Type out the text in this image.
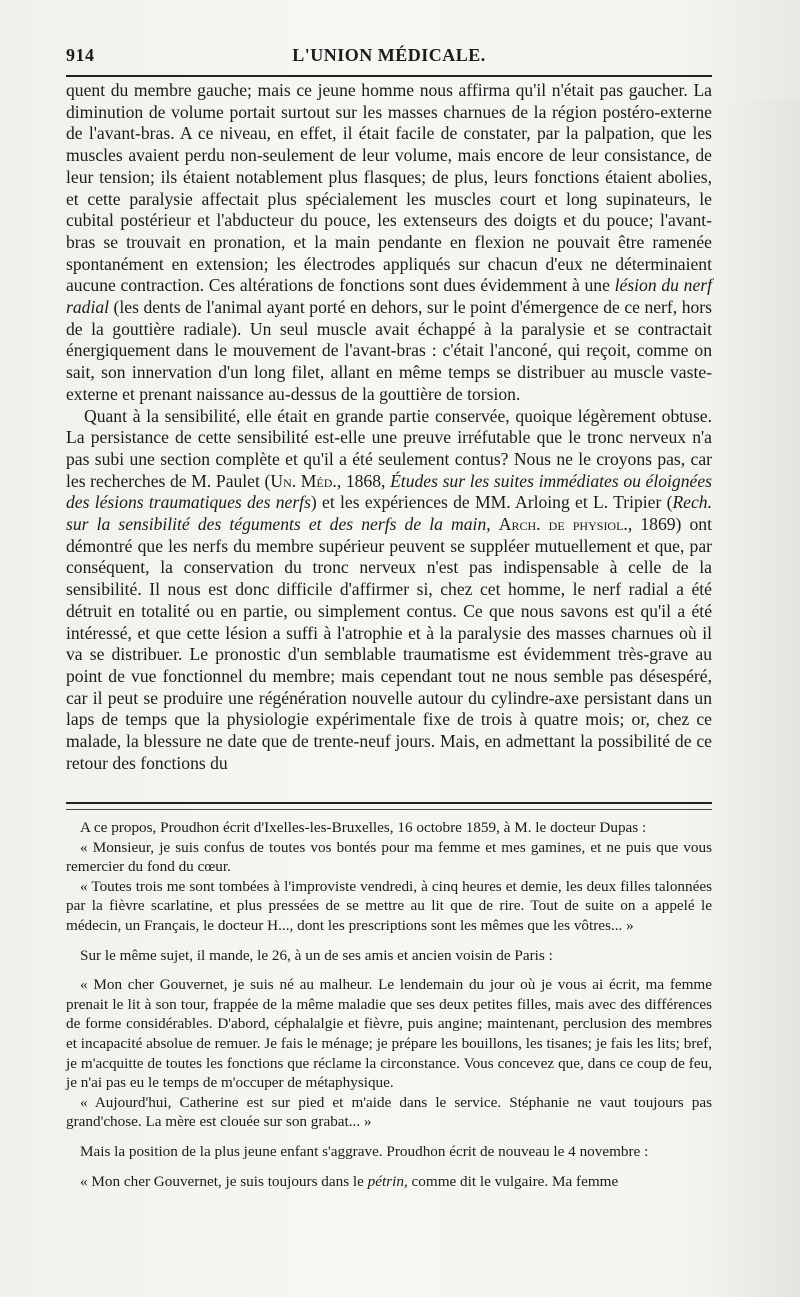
914	L'UNION MÉDICALE.

quent du membre gauche; mais ce jeune homme nous affirma qu'il n'était pas gaucher. La diminution de volume portait surtout sur les masses charnues de la région postéro-externe de l'avant-bras. A ce niveau, en effet, il était facile de constater, par la palpation, que les muscles avaient perdu non-seulement de leur volume, mais encore de leur consistance, de leur tension; ils étaient notablement plus flasques; de plus, leurs fonctions étaient abolies, et cette paralysie affectait plus spécialement les muscles court et long supinateurs, le cubital postérieur et l'abducteur du pouce, les extenseurs des doigts et du pouce; l'avant-bras se trouvait en pronation, et la main pendante en flexion ne pouvait être ramenée spontanément en extension; les électrodes appliqués sur chacun d'eux ne déterminaient aucune contraction. Ces altérations de fonctions sont dues évidemment à une lésion du nerf radial (les dents de l'animal ayant porté en dehors, sur le point d'émergence de ce nerf, hors de la gouttière radiale). Un seul muscle avait échappé à la paralysie et se contractait énergiquement dans le mouvement de l'avant-bras : c'était l'anconé, qui reçoit, comme on sait, son innervation d'un long filet, allant en même temps se distribuer au muscle vaste-externe et prenant naissance au-dessus de la gouttière de torsion.

Quant à la sensibilité, elle était en grande partie conservée, quoique légèrement obtuse. La persistance de cette sensibilité est-elle une preuve irréfutable que le tronc nerveux n'a pas subi une section complète et qu'il a été seulement contus? Nous ne le croyons pas, car les recherches de M. Paulet (Un. Méd., 1868, Études sur les suites immédiates ou éloignées des lésions traumatiques des nerfs) et les expériences de MM. Arloing et L. Tripier (Rech. sur la sensibilité des téguments et des nerfs de la main, Arch. de physiol., 1869) ont démontré que les nerfs du membre supérieur peuvent se suppléer mutuellement et que, par conséquent, la conservation du tronc nerveux n'est pas indispensable à celle de la sensibilité. Il nous est donc difficile d'affirmer si, chez cet homme, le nerf radial a été détruit en totalité ou en partie, ou simplement contus. Ce que nous savons est qu'il a été intéressé, et que cette lésion a suffi à l'atrophie et à la paralysie des masses charnues où il va se distribuer. Le pronostic d'un semblable traumatisme est évidemment très-grave au point de vue fonctionnel du membre; mais cependant tout ne nous semble pas désespéré, car il peut se produire une régénération nouvelle autour du cylindre-axe persistant dans un laps de temps que la physiologie expérimentale fixe de trois à quatre mois; or, chez ce malade, la blessure ne date que de trente-neuf jours. Mais, en admettant la possibilité de ce retour des fonctions du

A ce propos, Proudhon écrit d'Ixelles-les-Bruxelles, 16 octobre 1859, à M. le docteur Dupas :

« Monsieur, je suis confus de toutes vos bontés pour ma femme et mes gamines, et ne puis que vous remercier du fond du cœur.

« Toutes trois me sont tombées à l'improviste vendredi, à cinq heures et demie, les deux filles talonnées par la fièvre scarlatine, et plus pressées de se mettre au lit que de rire. Tout de suite on a appelé le médecin, un Français, le docteur H..., dont les prescriptions sont les mêmes que les vôtres... »

Sur le même sujet, il mande, le 26, à un de ses amis et ancien voisin de Paris :

« Mon cher Gouvernet, je suis né au malheur. Le lendemain du jour où je vous ai écrit, ma femme prenait le lit à son tour, frappée de la même maladie que ses deux petites filles, mais avec des différences de forme considérables. D'abord, céphalalgie et fièvre, puis angine; maintenant, perclusion des membres et incapacité absolue de remuer. Je fais le ménage; je prépare les bouillons, les tisanes; je fais les lits; bref, je m'acquitte de toutes les fonctions que réclame la circonstance. Vous concevez que, dans ce coup de feu, je n'ai pas eu le temps de m'occuper de métaphysique.

« Aujourd'hui, Catherine est sur pied et m'aide dans le service. Stéphanie ne vaut toujours pas grand'chose. La mère est clouée sur son grabat... »

Mais la position de la plus jeune enfant s'aggrave. Proudhon écrit de nouveau le 4 novembre :

« Mon cher Gouvernet, je suis toujours dans le pétrin, comme dit le vulgaire. Ma femme
